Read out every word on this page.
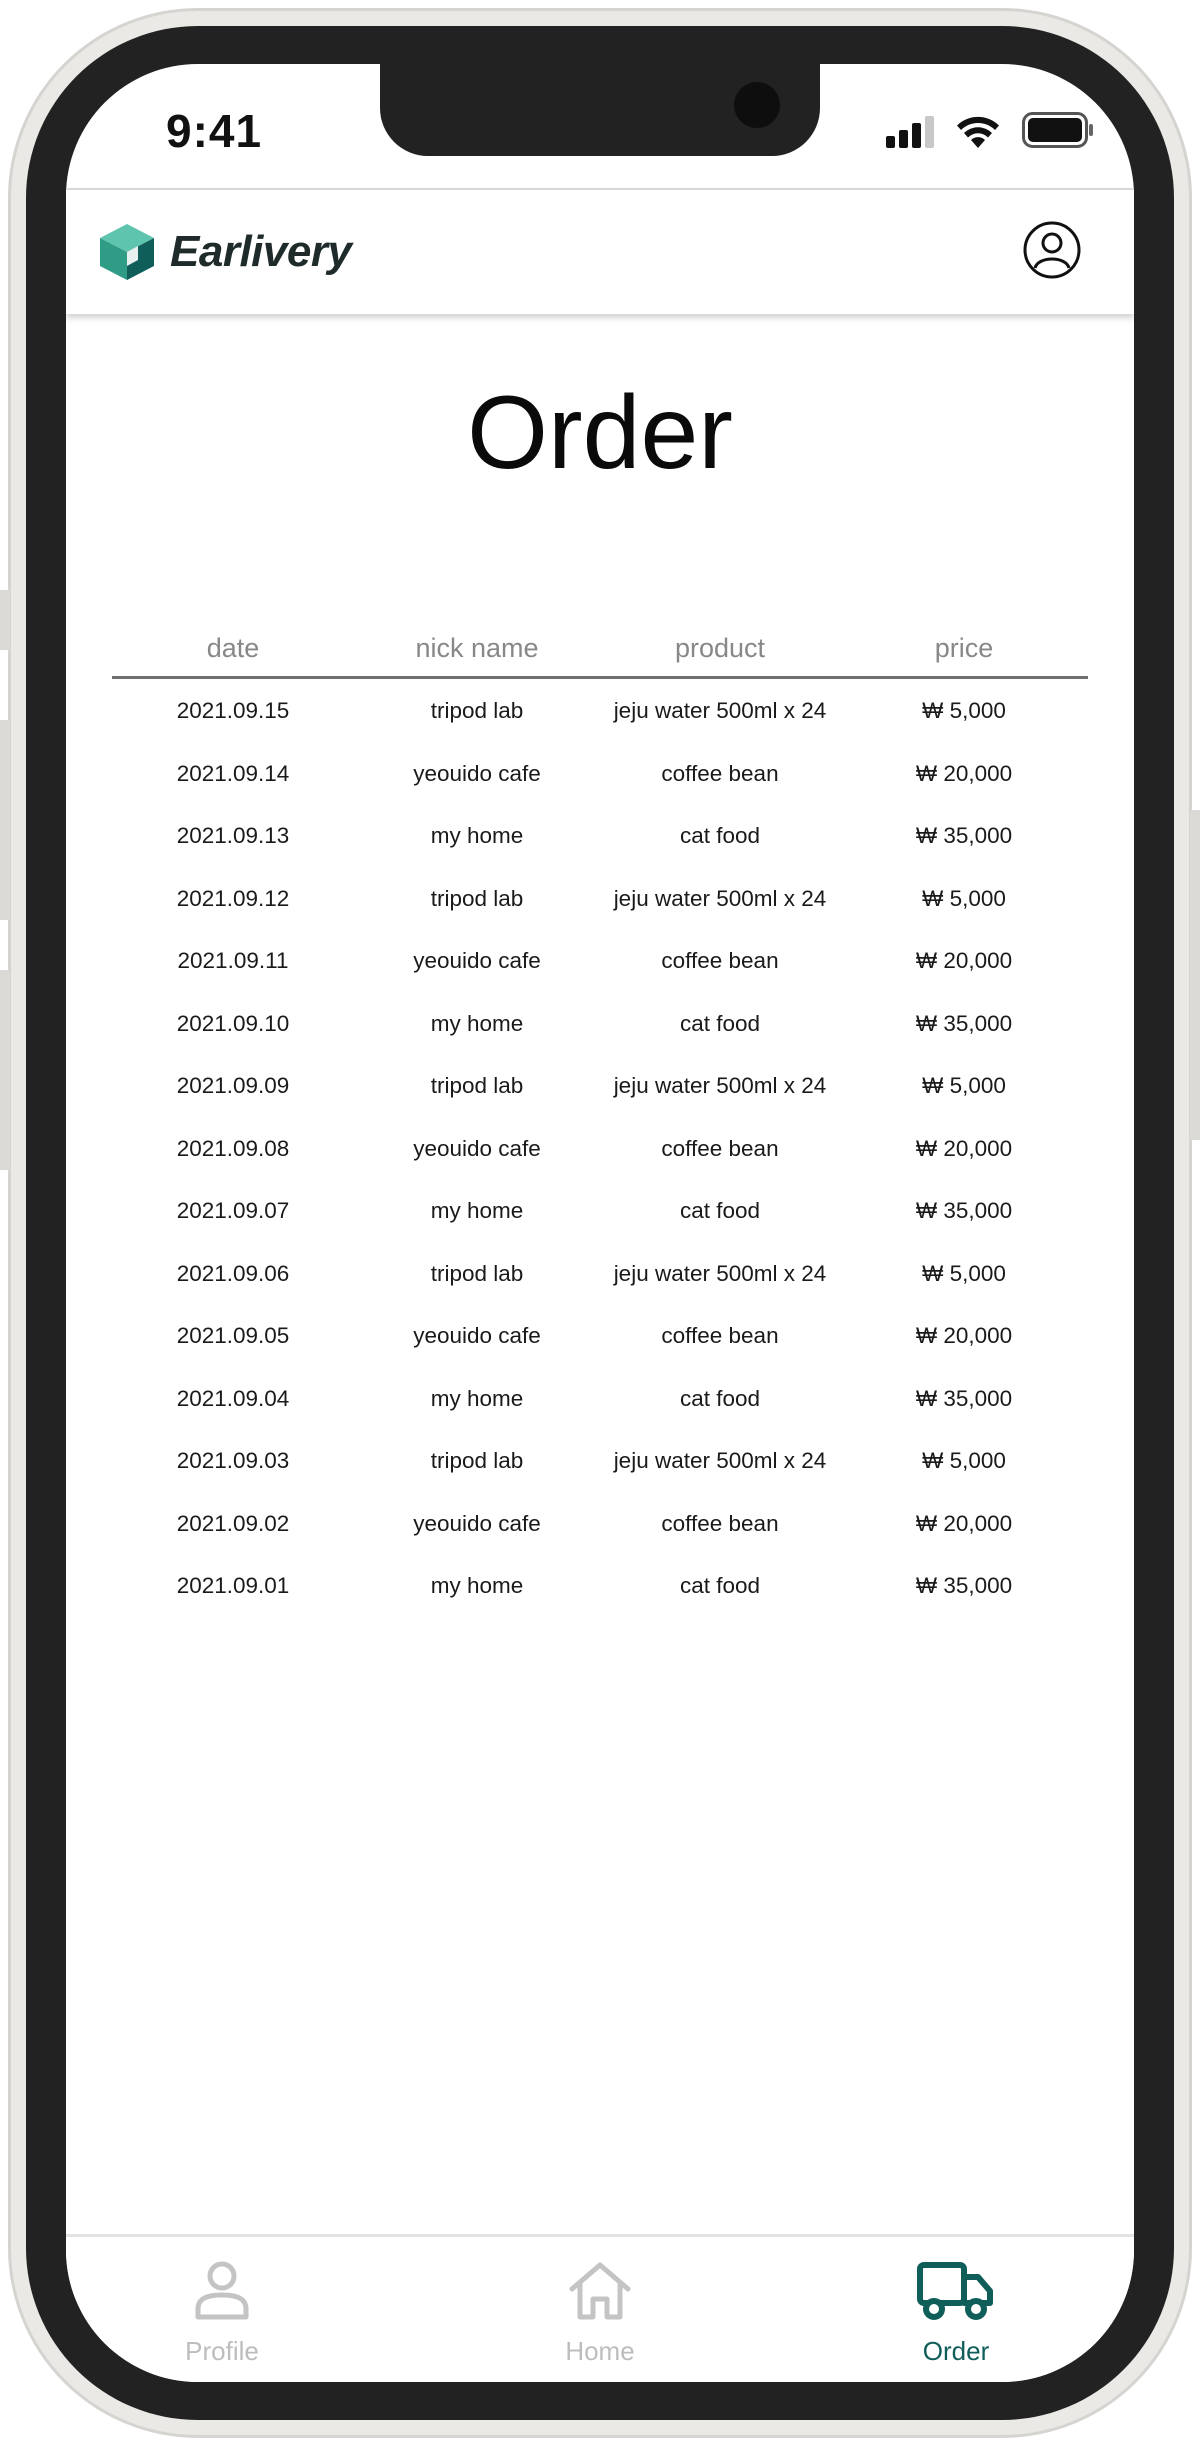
9:41
Earlivery
Order
date	nick name	product	price
2021.09.15	tripod lab	jeju water 500ml x 24	₩ 5,000
2021.09.14	yeouido cafe	coffee bean	₩ 20,000
2021.09.13	my home	cat food	₩ 35,000
2021.09.12	tripod lab	jeju water 500ml x 24	₩ 5,000
2021.09.11	yeouido cafe	coffee bean	₩ 20,000
2021.09.10	my home	cat food	₩ 35,000
2021.09.09	tripod lab	jeju water 500ml x 24	₩ 5,000
2021.09.08	yeouido cafe	coffee bean	₩ 20,000
2021.09.07	my home	cat food	₩ 35,000
2021.09.06	tripod lab	jeju water 500ml x 24	₩ 5,000
2021.09.05	yeouido cafe	coffee bean	₩ 20,000
2021.09.04	my home	cat food	₩ 35,000
2021.09.03	tripod lab	jeju water 500ml x 24	₩ 5,000
2021.09.02	yeouido cafe	coffee bean	₩ 20,000
2021.09.01	my home	cat food	₩ 35,000
Profile	Home	Order
